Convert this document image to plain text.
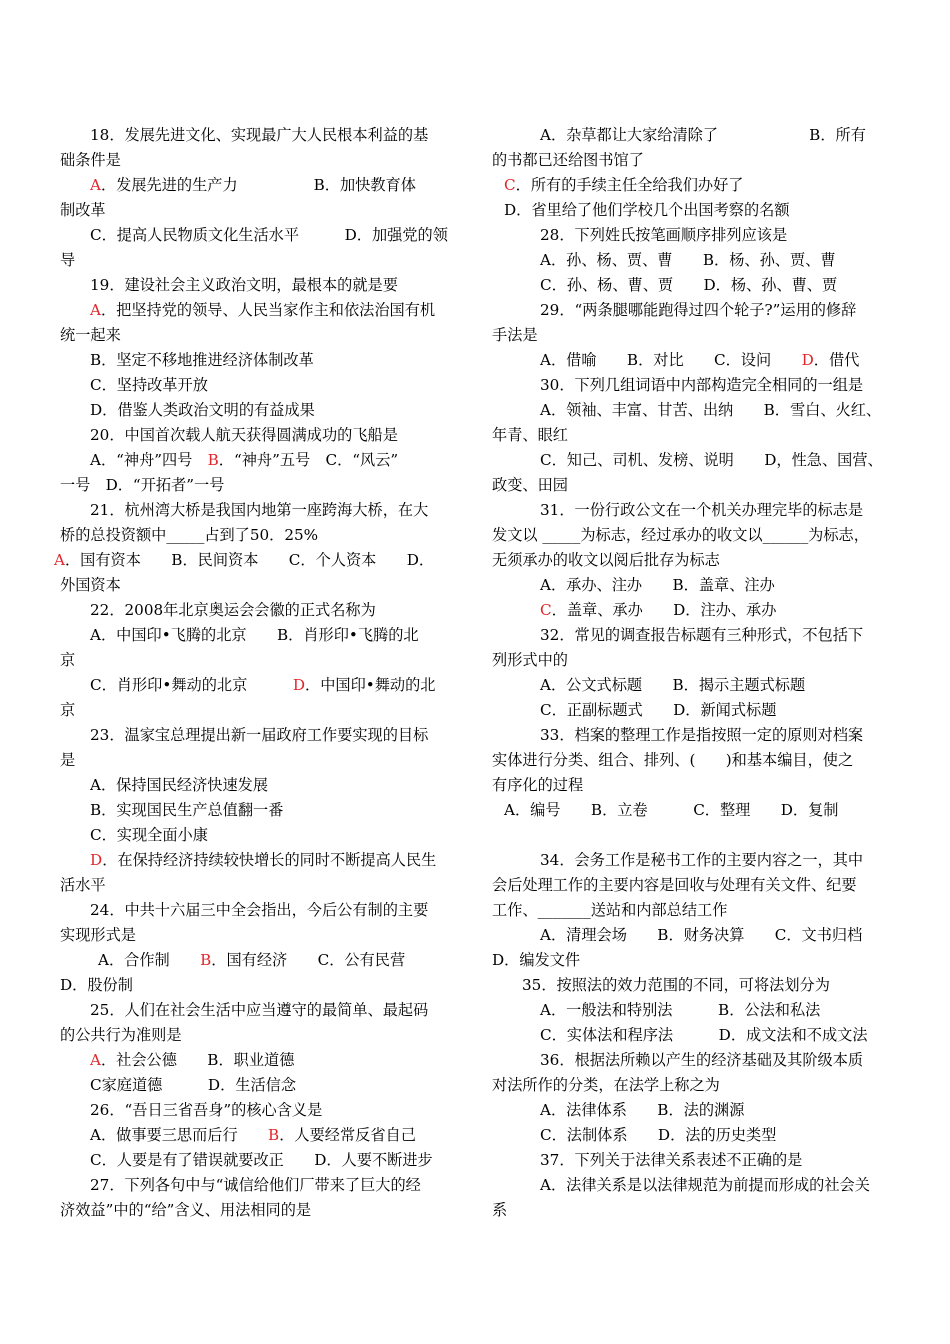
18．发展先进文化、实现最广大人民根本利益的基
础条件是
A．发展先进的生产力　　　　　B．加快教育体
制改革
C．提高人民物质文化生活水平　　　D．加强党的领
导
19．建设社会主义政治文明，最根本的就是要
A．把坚持党的领导、人民当家作主和依法治国有机
统一起来
B．坚定不移地推进经济体制改革
C．坚持改革开放
D．借鉴人类政治文明的有益成果
20．中国首次载人航天获得圆满成功的飞船是
A．“神舟”四号　B．“神舟”五号　C．“风云”
一号　D．“开拓者”一号
21．杭州湾大桥是我国内地第一座跨海大桥，在大
桥的总投资额中_____占到了50．25%
A．国有资本　　B．民间资本　　C．个人资本　　D．
外国资本
22．2008年北京奥运会会徽的正式名称为
A．中国印•飞腾的北京　　B．肖形印•飞腾的北
京
C．肖形印•舞动的北京　　　D．中国印•舞动的北
京
23．温家宝总理提出新一届政府工作要实现的目标
是
A．保持国民经济快速发展
B．实现国民生产总值翻一番
C．实现全面小康
D．在保持经济持续较快增长的同时不断提高人民生
活水平
24．中共十六届三中全会指出，今后公有制的主要
实现形式是
A．合作制　　B．国有经济　　C．公有民营
D．股份制
25．人们在社会生活中应当遵守的最简单、最起码
的公共行为准则是
A．社会公德　　B．职业道德
C家庭道德　　　D．生活信念
26．“吾日三省吾身”的核心含义是
A．做事要三思而后行　　B．人要经常反省自己
C．人要是有了错误就要改正　　D．人要不断进步
27．下列各句中与“诚信给他们厂带来了巨大的经
济效益”中的“给”含义、用法相同的是
A．杂草都让大家给清除了　　　　　　B．所有
的书都已还给图书馆了
C．所有的手续主任全给我们办好了
D．省里给了他们学校几个出国考察的名额
28．下列姓氏按笔画顺序排列应该是
A．孙、杨、贾、曹　　B．杨、孙、贾、曹
C．孙、杨、曹、贾　　D．杨、孙、曹、贾
29．“两条腿哪能跑得过四个轮子?”运用的修辞
手法是
A．借喻　　B．对比　　C．设问　　D．借代
30．下列几组词语中内部构造完全相同的一组是
A．领袖、丰富、甘苦、出纳　　B．雪白、火红、
年青、眼红
C．知己、司机、发榜、说明　　D，性急、国营、
政变、田园
31．一份行政公文在一个机关办理完毕的标志是
发文以 _____为标志，经过承办的收文以______为标志，
无须承办的收文以阅后批存为标志
A．承办、注办　　B．盖章、注办
C．盖章、承办　　D．注办、承办
32．常见的调查报告标题有三种形式，不包括下
列形式中的
A．公文式标题　　B．揭示主题式标题
C．正副标题式　　D．新闻式标题
33．档案的整理工作是指按照一定的原则对档案
实体进行分类、组合、排列、(　　)和基本编目，使之
有序化的过程
A．编号　　B．立卷　　　C．整理　　D．复制
34．会务工作是秘书工作的主要内容之一，其中
会后处理工作的主要内容是回收与处理有关文件、纪要
工作、_______送站和内部总结工作
A．清理会场　　B．财务决算　　C．文书归档
D．编发文件
35．按照法的效力范围的不同，可将法划分为
A．一般法和特别法　　　B．公法和私法
C．实体法和程序法　　　D．成文法和不成文法
36．根据法所赖以产生的经济基础及其阶级本质
对法所作的分类，在法学上称之为
A．法律体系　　B．法的渊源
C．法制体系　　D．法的历史类型
37．下列关于法律关系表述不正确的是
A．法律关系是以法律规范为前提而形成的社会关
系
